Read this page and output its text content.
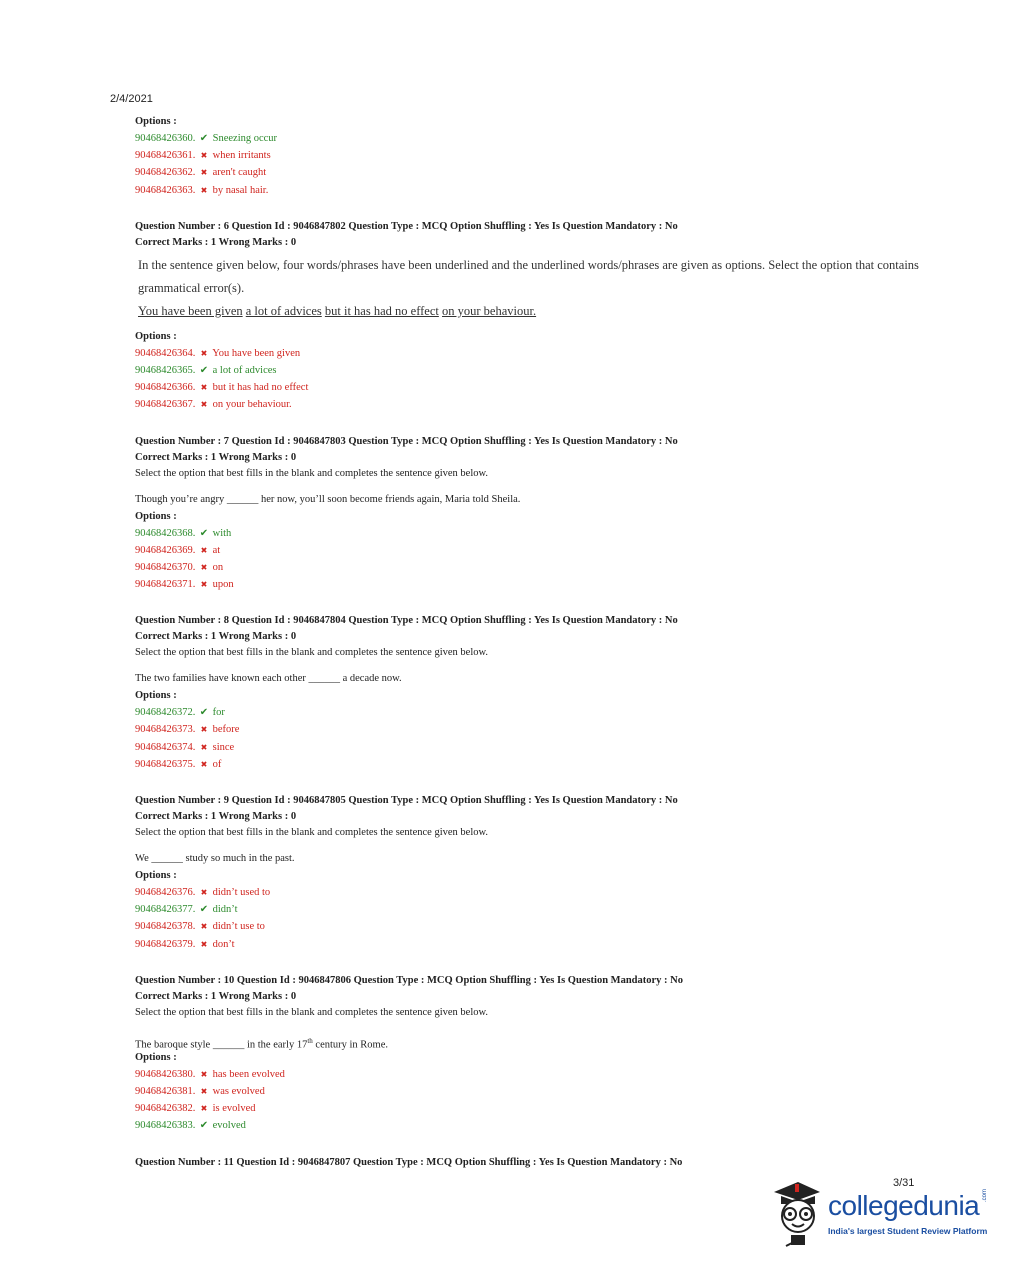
2/4/2021
Options :
90468426360. ✔ Sneezing occur
90468426361. ✖ when irritants
90468426362. ✖ aren't caught
90468426363. ✖ by nasal hair.
Question Number : 6 Question Id : 9046847802 Question Type : MCQ Option Shuffling : Yes Is Question Mandatory : No
Correct Marks : 1 Wrong Marks : 0
In the sentence given below, four words/phrases have been underlined and the underlined words/phrases are given as options. Select the option that contains grammatical error(s).
You have been given a lot of advices but it has had no effect on your behaviour.
Options :
90468426364. ✖ You have been given
90468426365. ✔ a lot of advices
90468426366. ✖ but it has had no effect
90468426367. ✖ on your behaviour.
Question Number : 7 Question Id : 9046847803 Question Type : MCQ Option Shuffling : Yes Is Question Mandatory : No
Correct Marks : 1 Wrong Marks : 0
Select the option that best fills in the blank and completes the sentence given below.
Though you’re angry ______ her now, you’ll soon become friends again, Maria told Sheila.
Options :
90468426368. ✔ with
90468426369. ✖ at
90468426370. ✖ on
90468426371. ✖ upon
Question Number : 8 Question Id : 9046847804 Question Type : MCQ Option Shuffling : Yes Is Question Mandatory : No
Correct Marks : 1 Wrong Marks : 0
Select the option that best fills in the blank and completes the sentence given below.
The two families have known each other ______ a decade now.
Options :
90468426372. ✔ for
90468426373. ✖ before
90468426374. ✖ since
90468426375. ✖ of
Question Number : 9 Question Id : 9046847805 Question Type : MCQ Option Shuffling : Yes Is Question Mandatory : No
Correct Marks : 1 Wrong Marks : 0
Select the option that best fills in the blank and completes the sentence given below.
We ______ study so much in the past.
Options :
90468426376. ✖ didn’t used to
90468426377. ✔ didn’t
90468426378. ✖ didn’t use to
90468426379. ✖ don’t
Question Number : 10 Question Id : 9046847806 Question Type : MCQ Option Shuffling : Yes Is Question Mandatory : No
Correct Marks : 1 Wrong Marks : 0
Select the option that best fills in the blank and completes the sentence given below.
The baroque style ______ in the early 17th century in Rome.
Options :
90468426380. ✖ has been evolved
90468426381. ✖ was evolved
90468426382. ✖ is evolved
90468426383. ✔ evolved
Question Number : 11 Question Id : 9046847807 Question Type : MCQ Option Shuffling : Yes Is Question Mandatory : No
3/31
collegedunia .com
India's largest Student Review Platform
